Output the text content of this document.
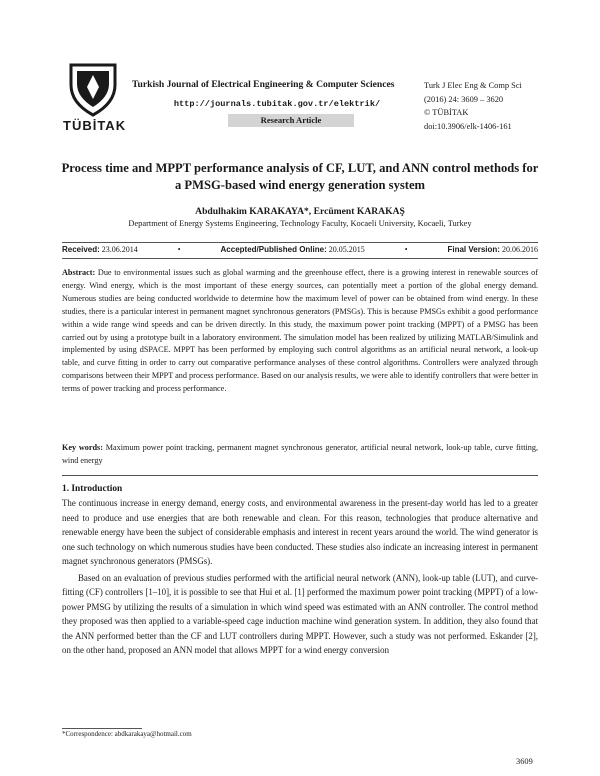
TÜBİTAK
Turkish Journal of Electrical Engineering & Computer Sciences
http://journals.tubitak.gov.tr/elektrik/
Research Article
Turk J Elec Eng & Comp Sci
(2016) 24: 3609 – 3620
© TÜBİTAK
doi:10.3906/elk-1406-161
Process time and MPPT performance analysis of CF, LUT, and ANN control methods for a PMSG-based wind energy generation system
Abdulhakim KARAKAYA*, Ercüment KARAKAŞ
Department of Energy Systems Engineering, Technology Faculty, Kocaeli University, Kocaeli, Turkey
Received: 23.06.2014	•	Accepted/Published Online: 20.05.2015	•	Final Version: 20.06.2016
Abstract: Due to environmental issues such as global warming and the greenhouse effect, there is a growing interest in renewable sources of energy. Wind energy, which is the most important of these energy sources, can potentially meet a portion of the global energy demand. Numerous studies are being conducted worldwide to determine how the maximum level of power can be obtained from wind energy. In these studies, there is a particular interest in permanent magnet synchronous generators (PMSGs). This is because PMSGs exhibit a good performance within a wide range wind speeds and can be driven directly. In this study, the maximum power point tracking (MPPT) of a PMSG has been carried out by using a prototype built in a laboratory environment. The simulation model has been realized by utilizing MATLAB/Simulink and implemented by using dSPACE. MPPT has been performed by employing such control algorithms as an artificial neural network, a look-up table, and curve fitting in order to carry out comparative performance analyses of these control algorithms. Controllers were analyzed through comparisons between their MPPT and process performance. Based on our analysis results, we were able to identify controllers that were better in terms of power tracking and process performance.
Key words: Maximum power point tracking, permanent magnet synchronous generator, artificial neural network, look-up table, curve fitting, wind energy
1. Introduction

The continuous increase in energy demand, energy costs, and environmental awareness in the present-day world has led to a greater need to produce and use energies that are both renewable and clean. For this reason, technologies that produce alternative and renewable energy have been the subject of considerable emphasis and interest in recent years around the world. The wind generator is one such technology on which numerous studies have been conducted. These studies also indicate an increasing interest in permanent magnet synchronous generators (PMSGs).

Based on an evaluation of previous studies performed with the artificial neural network (ANN), look-up table (LUT), and curve-fitting (CF) controllers [1–10], it is possible to see that Hui et al. [1] performed the maximum power point tracking (MPPT) of a low-power PMSG by utilizing the results of a simulation in which wind speed was estimated with an ANN controller. The control method they proposed was then applied to a variable-speed cage induction machine wind generation system. In addition, they also found that the ANN performed better than the CF and LUT controllers during MPPT. However, such a study was not performed. Eskander [2], on the other hand, proposed an ANN model that allows MPPT for a wind energy conversion

*Correspondence: abdkarakaya@hotmail.com
3609
